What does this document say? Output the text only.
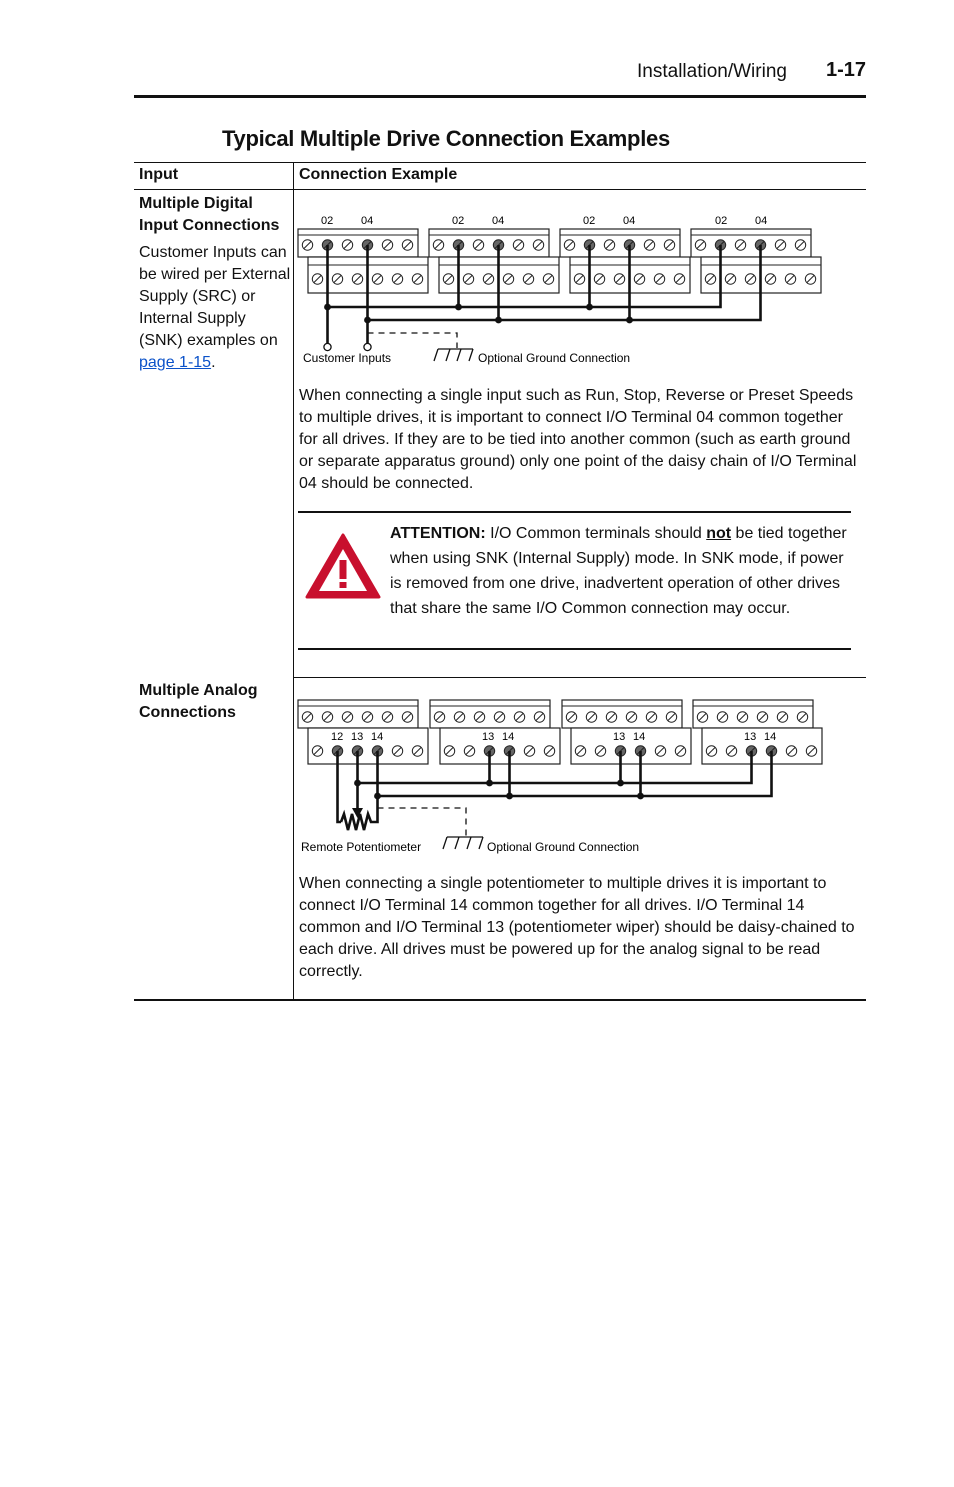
Installation/Wiring 1-17
Typical Multiple Drive Connection Examples
Input	Connection Example
Multiple Digital Input Connections
Customer Inputs can be wired per External Supply (SRC) or Internal Supply (SNK) examples on page 1-15.
02	02	02	02
04	04	04	04
Customer Inputs	Optional Ground Connection
When connecting a single input such as Run, Stop, Reverse or Preset Speeds to multiple drives, it is important to connect I/O Terminal 04 common together for all drives. If they are to be tied into another common (such as earth ground or separate apparatus ground) only one point of the daisy chain of I/O Terminal 04 should be connected.
ATTENTION: I/O Common terminals should not be tied together when using SNK (Internal Supply) mode. In SNK mode, if power is removed from one drive, inadvertent operation of other drives that share the same I/O Common connection may occur.
Multiple Analog Connections
12 13 14	13 14	13 14	13 14
Remote Potentiometer	Optional Ground Connection
When connecting a single potentiometer to multiple drives it is important to connect I/O Terminal 14 common together for all drives. I/O Terminal 14 common and I/O Terminal 13 (potentiometer wiper) should be daisy-chained to each drive. All drives must be powered up for the analog signal to be read correctly.
